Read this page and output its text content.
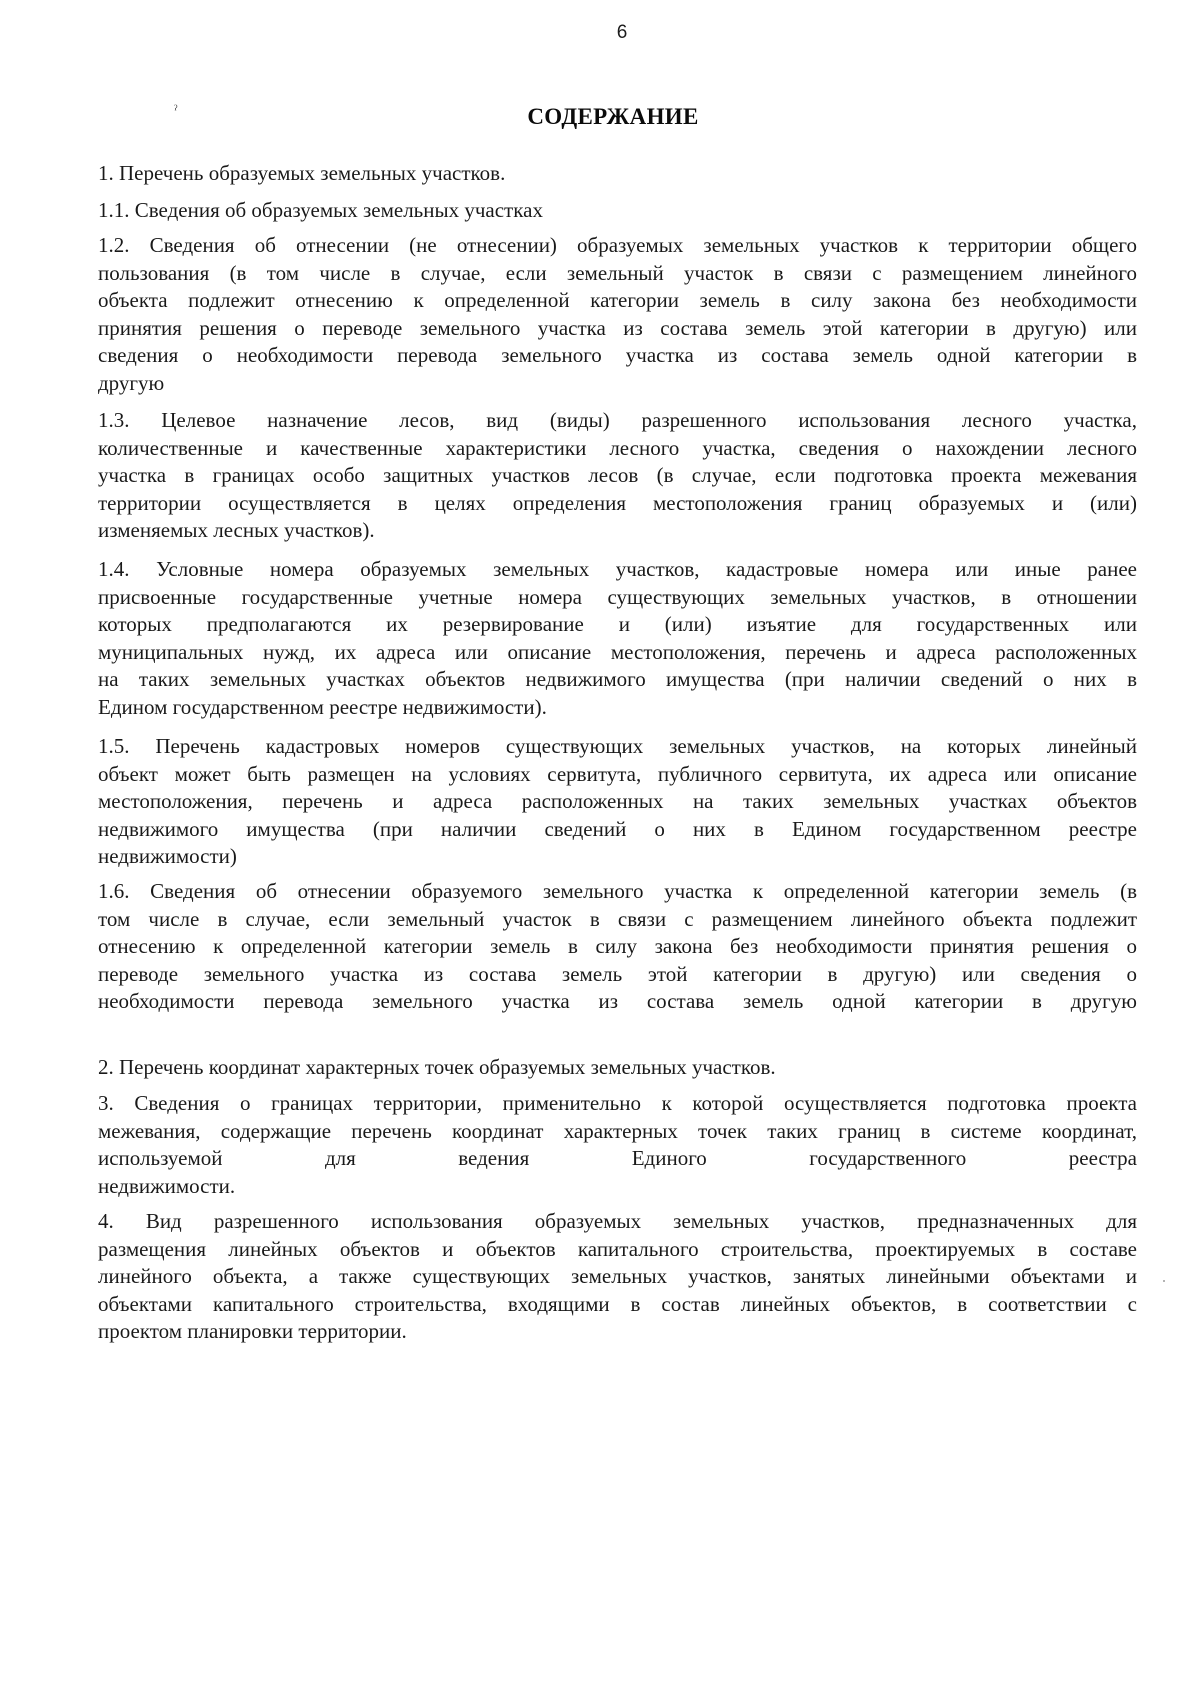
6
ˀ	СОДЕРЖАНИЕ

1. Перечень образуемых земельных участков.

1.1. Сведения об образуемых земельных участках

1.2. Сведения об отнесении (не отнесении) образуемых земельных участков к территории общего
пользования (в том числе в случае, если земельный участок в связи с размещением линейного
объекта подлежит отнесению к определенной категории земель в силу закона без необходимости
принятия решения о переводе земельного участка из состава земель этой категории в другую) или
сведения о необходимости перевода земельного участка из состава земель одной категории в
другую

1.3. Целевое назначение лесов, вид (виды) разрешенного использования лесного участка,
количественные и качественные характеристики лесного участка, сведения о нахождении лесного
участка в границах особо защитных участков лесов (в случае, если подготовка проекта межевания
территории осуществляется в целях определения местоположения границ образуемых и (или)
изменяемых лесных участков).

1.4. Условные номера образуемых земельных участков, кадастровые номера или иные ранее
присвоенные государственные учетные номера существующих земельных участков, в отношении
которых предполагаются их резервирование и (или) изъятие для государственных или
муниципальных нужд, их адреса или описание местоположения, перечень и адреса расположенных
на таких земельных участках объектов недвижимого имущества (при наличии сведений о них в
Едином государственном реестре недвижимости).

1.5. Перечень кадастровых номеров существующих земельных участков, на которых линейный
объект может быть размещен на условиях сервитута, публичного сервитута, их адреса или описание
местоположения, перечень и адреса расположенных на таких земельных участках объектов
недвижимого имущества (при наличии сведений о них в Едином государственном реестре
недвижимости)

1.6. Сведения об отнесении образуемого земельного участка к определенной категории земель (в
том числе в случае, если земельный участок в связи с размещением линейного объекта подлежит
отнесению к определенной категории земель в силу закона без необходимости принятия решения о
переводе земельного участка из состава земель этой категории в другую) или сведения о
необходимости перевода земельного участка из состава земель одной категории в другую

2. Перечень координат характерных точек образуемых земельных участков.

3. Сведения о границах территории, применительно к которой осуществляется подготовка проекта
межевания, содержащие перечень координат характерных точек таких границ в системе координат,
используемой для ведения Единого государственного реестра
недвижимости.

4. Вид разрешенного использования образуемых земельных участков, предназначенных для
размещения линейных объектов и объектов капитального строительства, проектируемых в составе
линейного объекта, а также существующих земельных участков, занятых линейными объектами и
объектами капитального строительства, входящими в состав линейных объектов, в соответствии с
проектом планировки территории.
